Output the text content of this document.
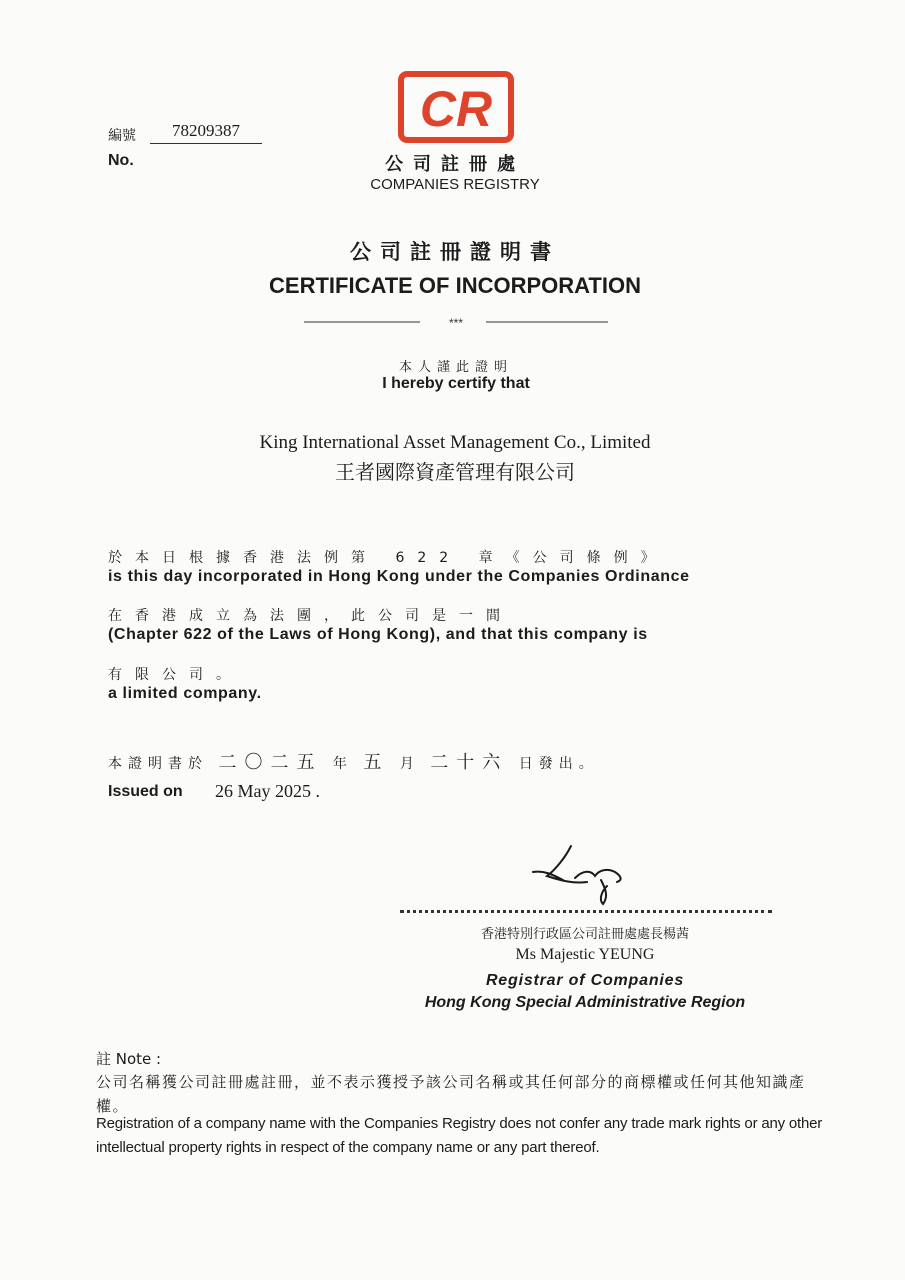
編號	78209387
No.
CR
公司註冊處
COMPANIES REGISTRY
公司註冊證明書
CERTIFICATE OF INCORPORATION
***
本人謹此證明
I hereby certify that
King International Asset Management Co., Limited
王者國際資產管理有限公司
於本日根據香港法例第 622 章《公司條例》
is this day incorporated in Hong Kong under the Companies Ordinance
在香港成立為法團，此公司是一間
(Chapter 622 of the Laws of Hong Kong), and that this company is
有限公司。
a limited company.
本證明書於 二〇二五 年 五 月 二十六 日發出。
Issued on 26 May 2025 .
香港特別行政區公司註冊處處長楊茜
Ms Majestic YEUNG
Registrar of Companies
Hong Kong Special Administrative Region
註 Note :
公司名稱獲公司註冊處註冊，並不表示獲授予該公司名稱或其任何部分的商標權或任何其他知識產權。
Registration of a company name with the Companies Registry does not confer any trade mark rights or any other intellectual property rights in respect of the company name or any part thereof.
